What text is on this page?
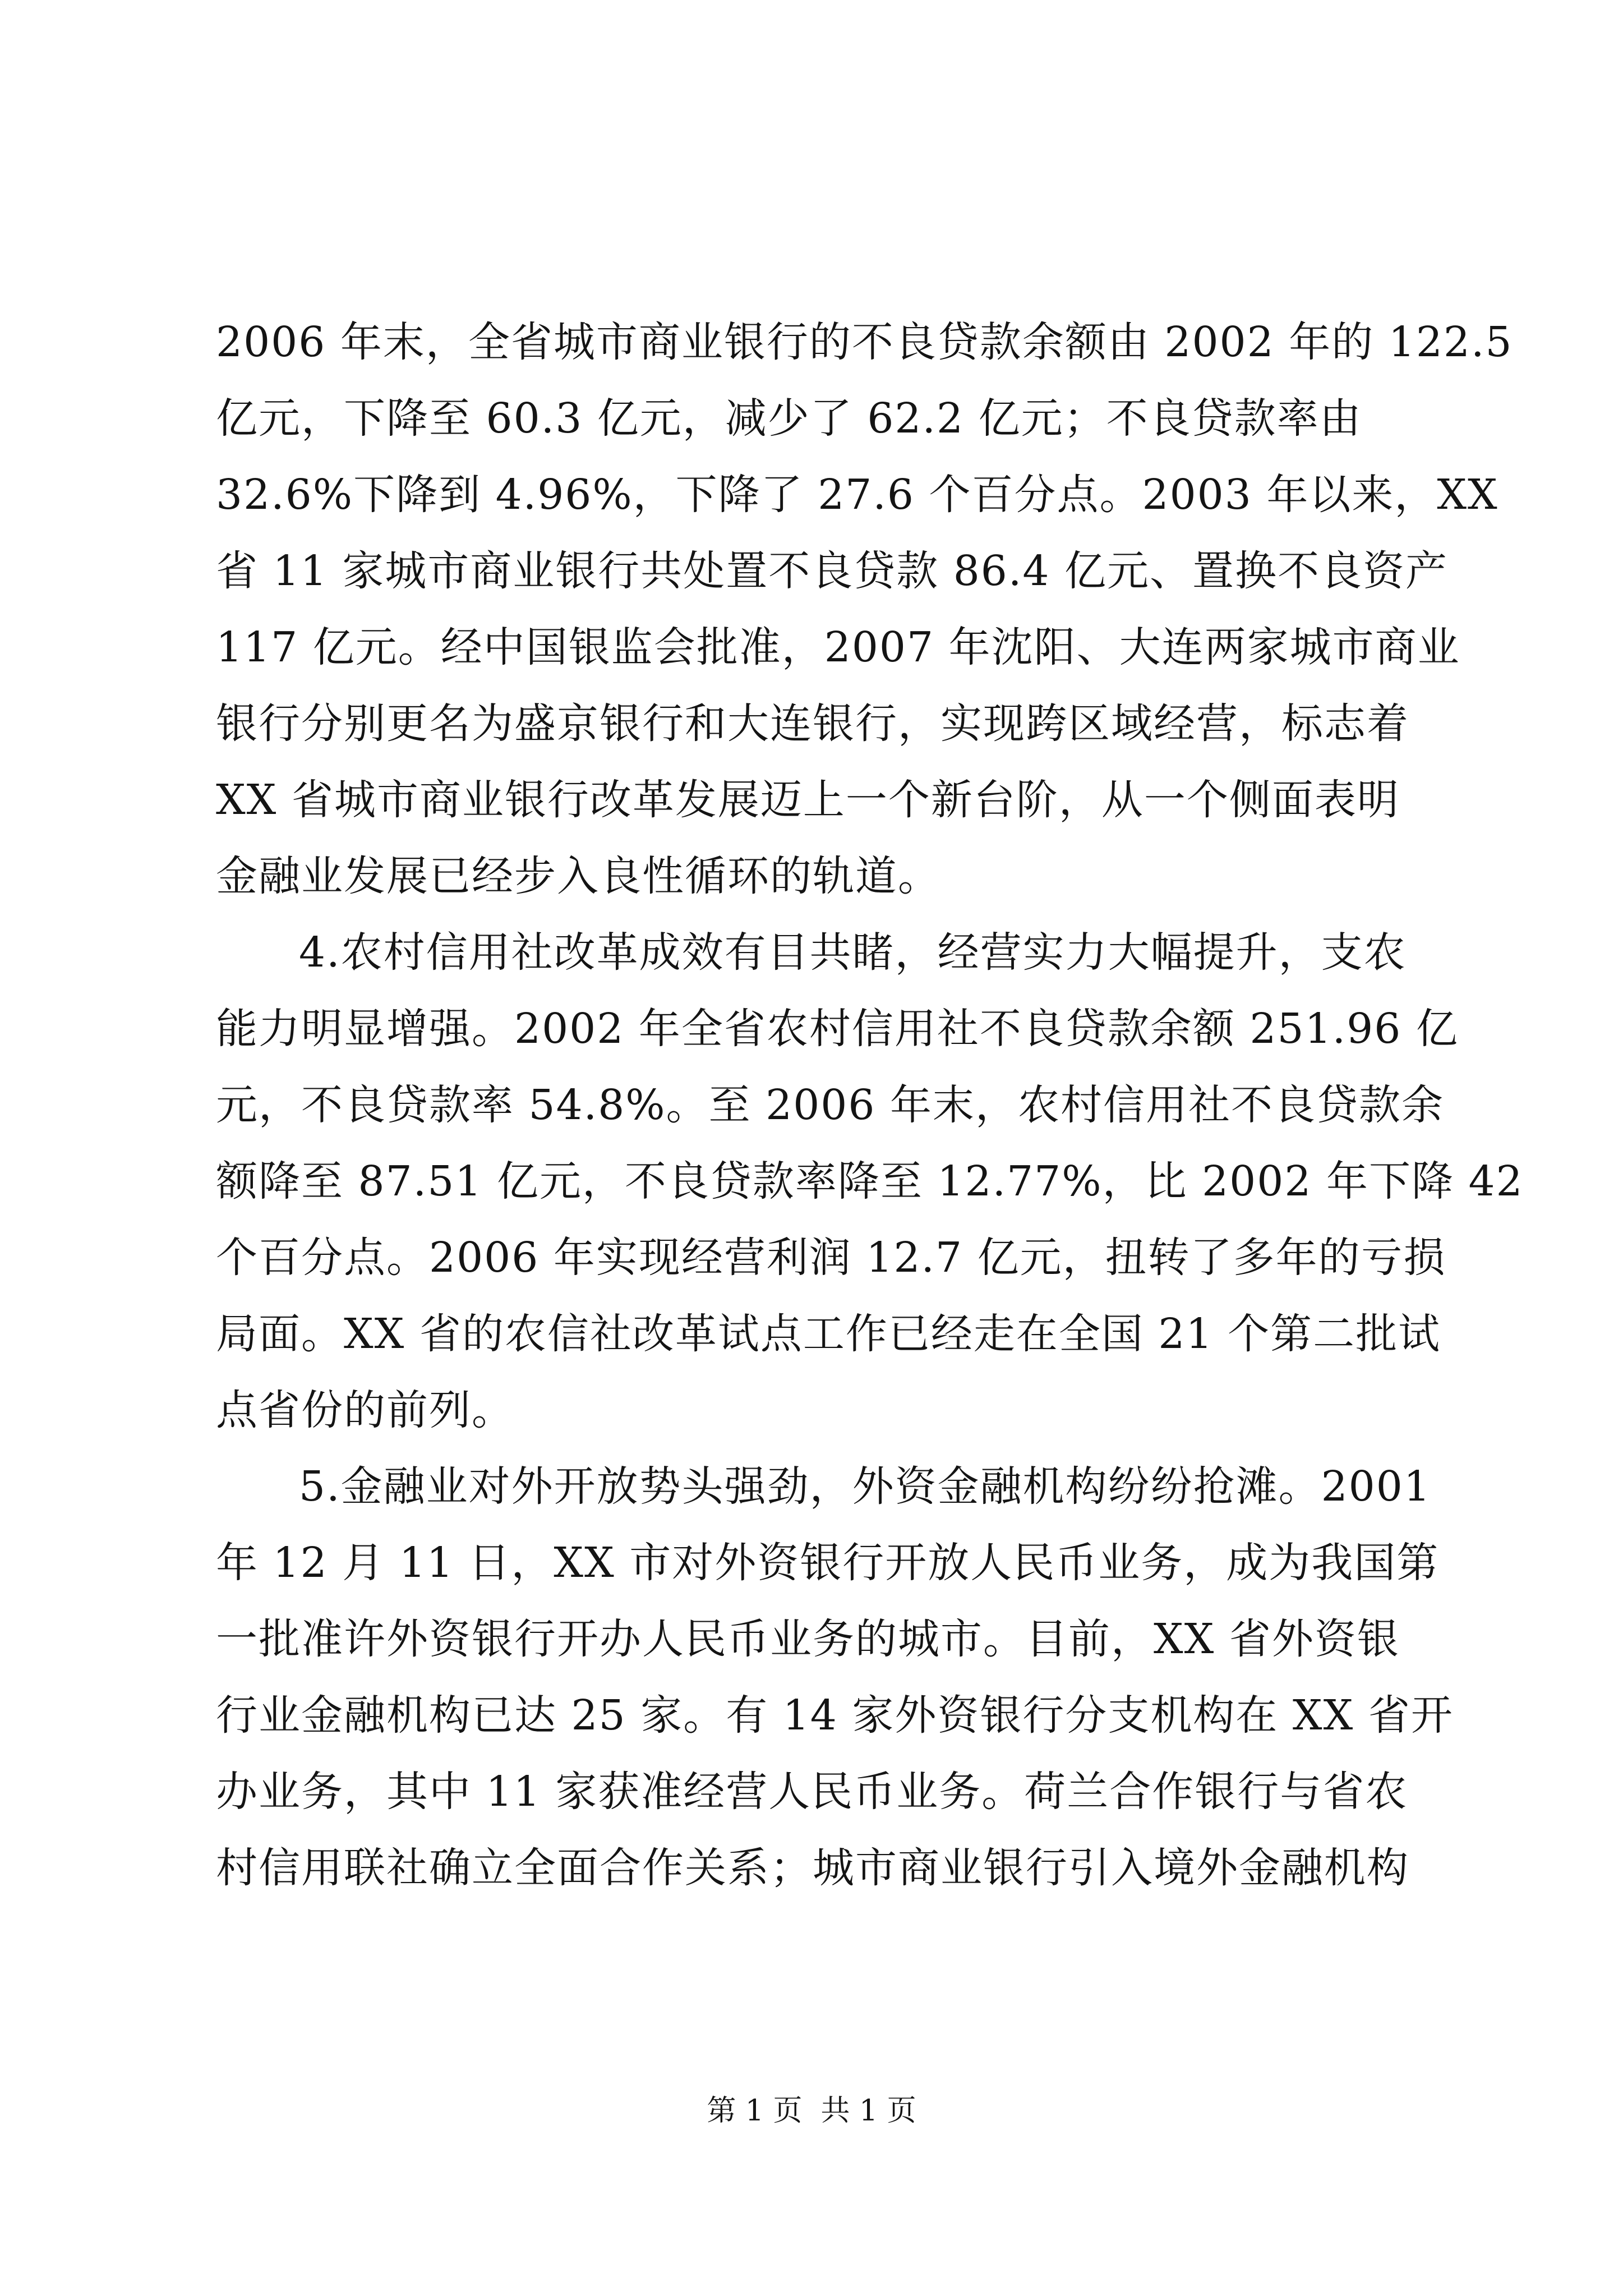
2006 年末，全省城市商业银行的不良贷款余额由 2002 年的 122.5
亿元，下降至 60.3 亿元，减少了 62.2 亿元；不良贷款率由
32.6%下降到 4.96%，下降了 27.6 个百分点。2003 年以来，XX
省 11 家城市商业银行共处置不良贷款 86.4 亿元、置换不良资产
117 亿元。经中国银监会批准，2007 年沈阳、大连两家城市商业
银行分别更名为盛京银行和大连银行，实现跨区域经营，标志着
XX 省城市商业银行改革发展迈上一个新台阶，从一个侧面表明
金融业发展已经步入良性循环的轨道。
4.农村信用社改革成效有目共睹，经营实力大幅提升，支农
能力明显增强。2002 年全省农村信用社不良贷款余额 251.96 亿
元，不良贷款率 54.8%。至 2006 年末，农村信用社不良贷款余
额降至 87.51 亿元，不良贷款率降至 12.77%，比 2002 年下降 42
个百分点。2006 年实现经营利润 12.7 亿元，扭转了多年的亏损
局面。XX 省的农信社改革试点工作已经走在全国 21 个第二批试
点省份的前列。
5.金融业对外开放势头强劲，外资金融机构纷纷抢滩。2001
年 12 月 11 日，XX 市对外资银行开放人民币业务，成为我国第
一批准许外资银行开办人民币业务的城市。目前，XX 省外资银
行业金融机构已达 25 家。有 14 家外资银行分支机构在 XX 省开
办业务，其中 11 家获准经营人民币业务。荷兰合作银行与省农
村信用联社确立全面合作关系；城市商业银行引入境外金融机构
第 1 页  共 1 页
